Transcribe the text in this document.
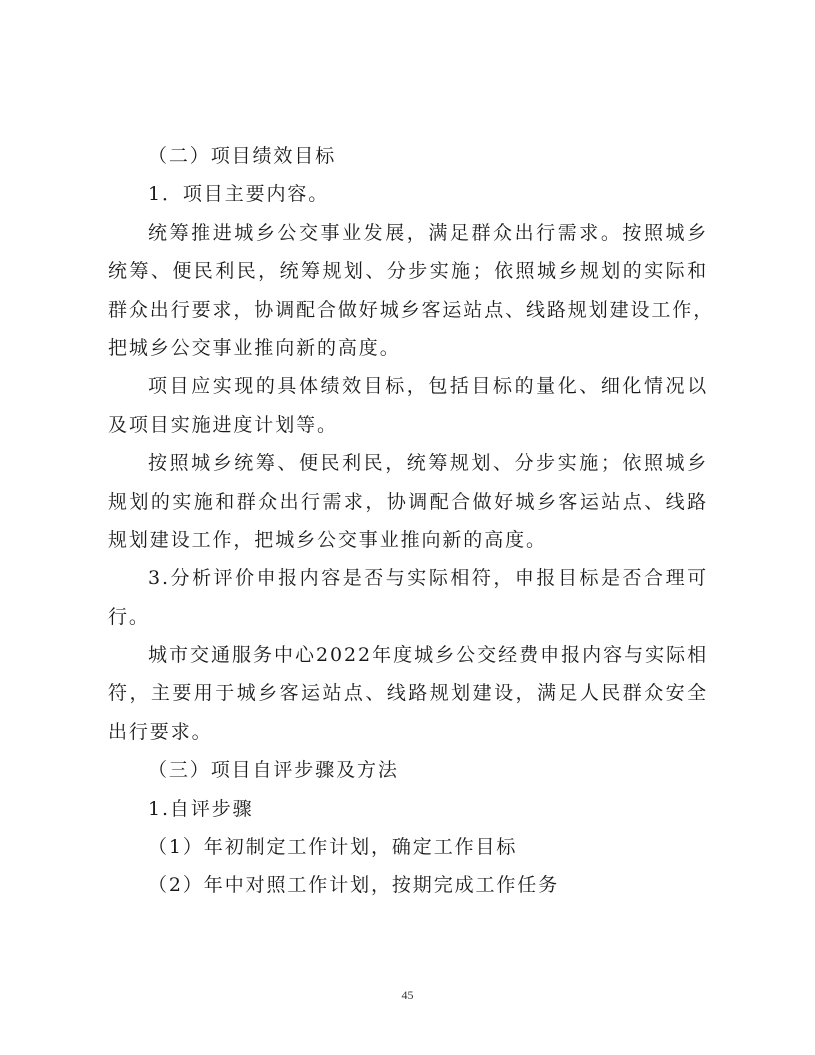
（二）项目绩效目标
1．项目主要内容。
统筹推进城乡公交事业发展，满足群众出行需求。按照城乡
统筹、便民利民，统筹规划、分步实施；依照城乡规划的实际和
群众出行要求，协调配合做好城乡客运站点、线路规划建设工作，
把城乡公交事业推向新的高度。
项目应实现的具体绩效目标，包括目标的量化、细化情况以
及项目实施进度计划等。
按照城乡统筹、便民利民，统筹规划、分步实施；依照城乡
规划的实施和群众出行需求，协调配合做好城乡客运站点、线路
规划建设工作，把城乡公交事业推向新的高度。
3.分析评价申报内容是否与实际相符，申报目标是否合理可
行。
城市交通服务中心2022年度城乡公交经费申报内容与实际相
符，主要用于城乡客运站点、线路规划建设，满足人民群众安全
出行要求。
（三）项目自评步骤及方法
1.自评步骤
（1）年初制定工作计划，确定工作目标
（2）年中对照工作计划，按期完成工作任务
45
